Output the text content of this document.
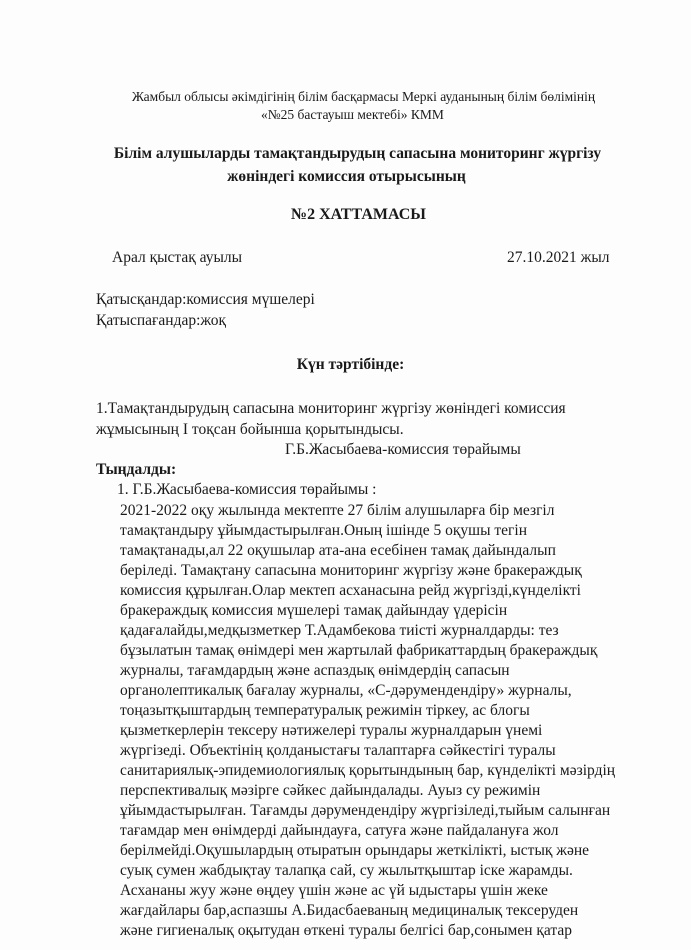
Жамбыл облысы әкімдігінің білім басқармасы Меркі ауданының білім бөлімінің
«№25 бастауыш мектебі» КММ
Білім алушыларды тамақтандырудың сапасына мониторинг жүргізу
жөніндегі комиссия отырысының
№2 ХАТТАМАСЫ
Арал қыстақ ауылы	27.10.2021 жыл
Қатысқандар:комиссия мүшелері
Қатыспағандар:жоқ
Күн тәртібінде:
1.Тамақтандырудың сапасына мониторинг жүргізу жөніндегі комиссия
жұмысының І тоқсан бойынша қорытындысы.
Г.Б.Жасыбаева-комиссия төрайымы
Тыңдалды:
1. Г.Б.Жасыбаева-комиссия төрайымы :
2021-2022 оқу жылында мектепте 27 білім алушыларға бір мезгіл
тамақтандыру ұйымдастырылған.Оның ішінде 5 оқушы тегін
тамақтанады,ал 22 оқушылар ата-ана есебінен тамақ дайындалып
беріледі. Тамақтану сапасына мониторинг жүргізу және бракераждық
комиссия құрылған.Олар мектеп асханасына рейд жүргізді,күнделікті
бракераждық комиссия мүшелері тамақ дайындау үдерісін
қадағалайды,медқызметкер Т.Адамбекова тиісті журналдарды: тез
бұзылатын тамақ өнімдері мен жартылай фабрикаттардың бракераждық
журналы, тағамдардың және аспаздық өнімдердің сапасын
органолептикалық бағалау журналы, «С-дәрумендендіру» журналы,
тоңазытқыштардың температуралық режимін тіркеу, ас блогы
қызметкерлерін тексеру нәтижелері туралы журналдарын үнемі
жүргізеді. Объектінің қолданыстағы талаптарға сәйкестігі туралы
санитариялық-эпидемиологиялық қорытындының бар, күнделікті мәзірдің
перспективалық мәзірге сәйкес дайындалады. Ауыз су режимін
ұйымдастырылған. Тағамды дәрумендендіру жүргізіледі,тыйым салынған
тағамдар мен өнімдерді дайындауға, сатуға және пайдалануға жол
берілмейді.Оқушылардың отыратын орындары жеткілікті, ыстық және
суық сумен жабдықтау талапқа сай, су жылытқыштар іске жарамды.
Асхананы жуу және өңдеу үшін және ас үй ыдыстары үшін жеке
жағдайлары бар,аспазшы А.Бидасбаеваның медициналық тексеруден
және гигиеналық оқытудан өткені туралы белгісі бар,сонымен қатар
